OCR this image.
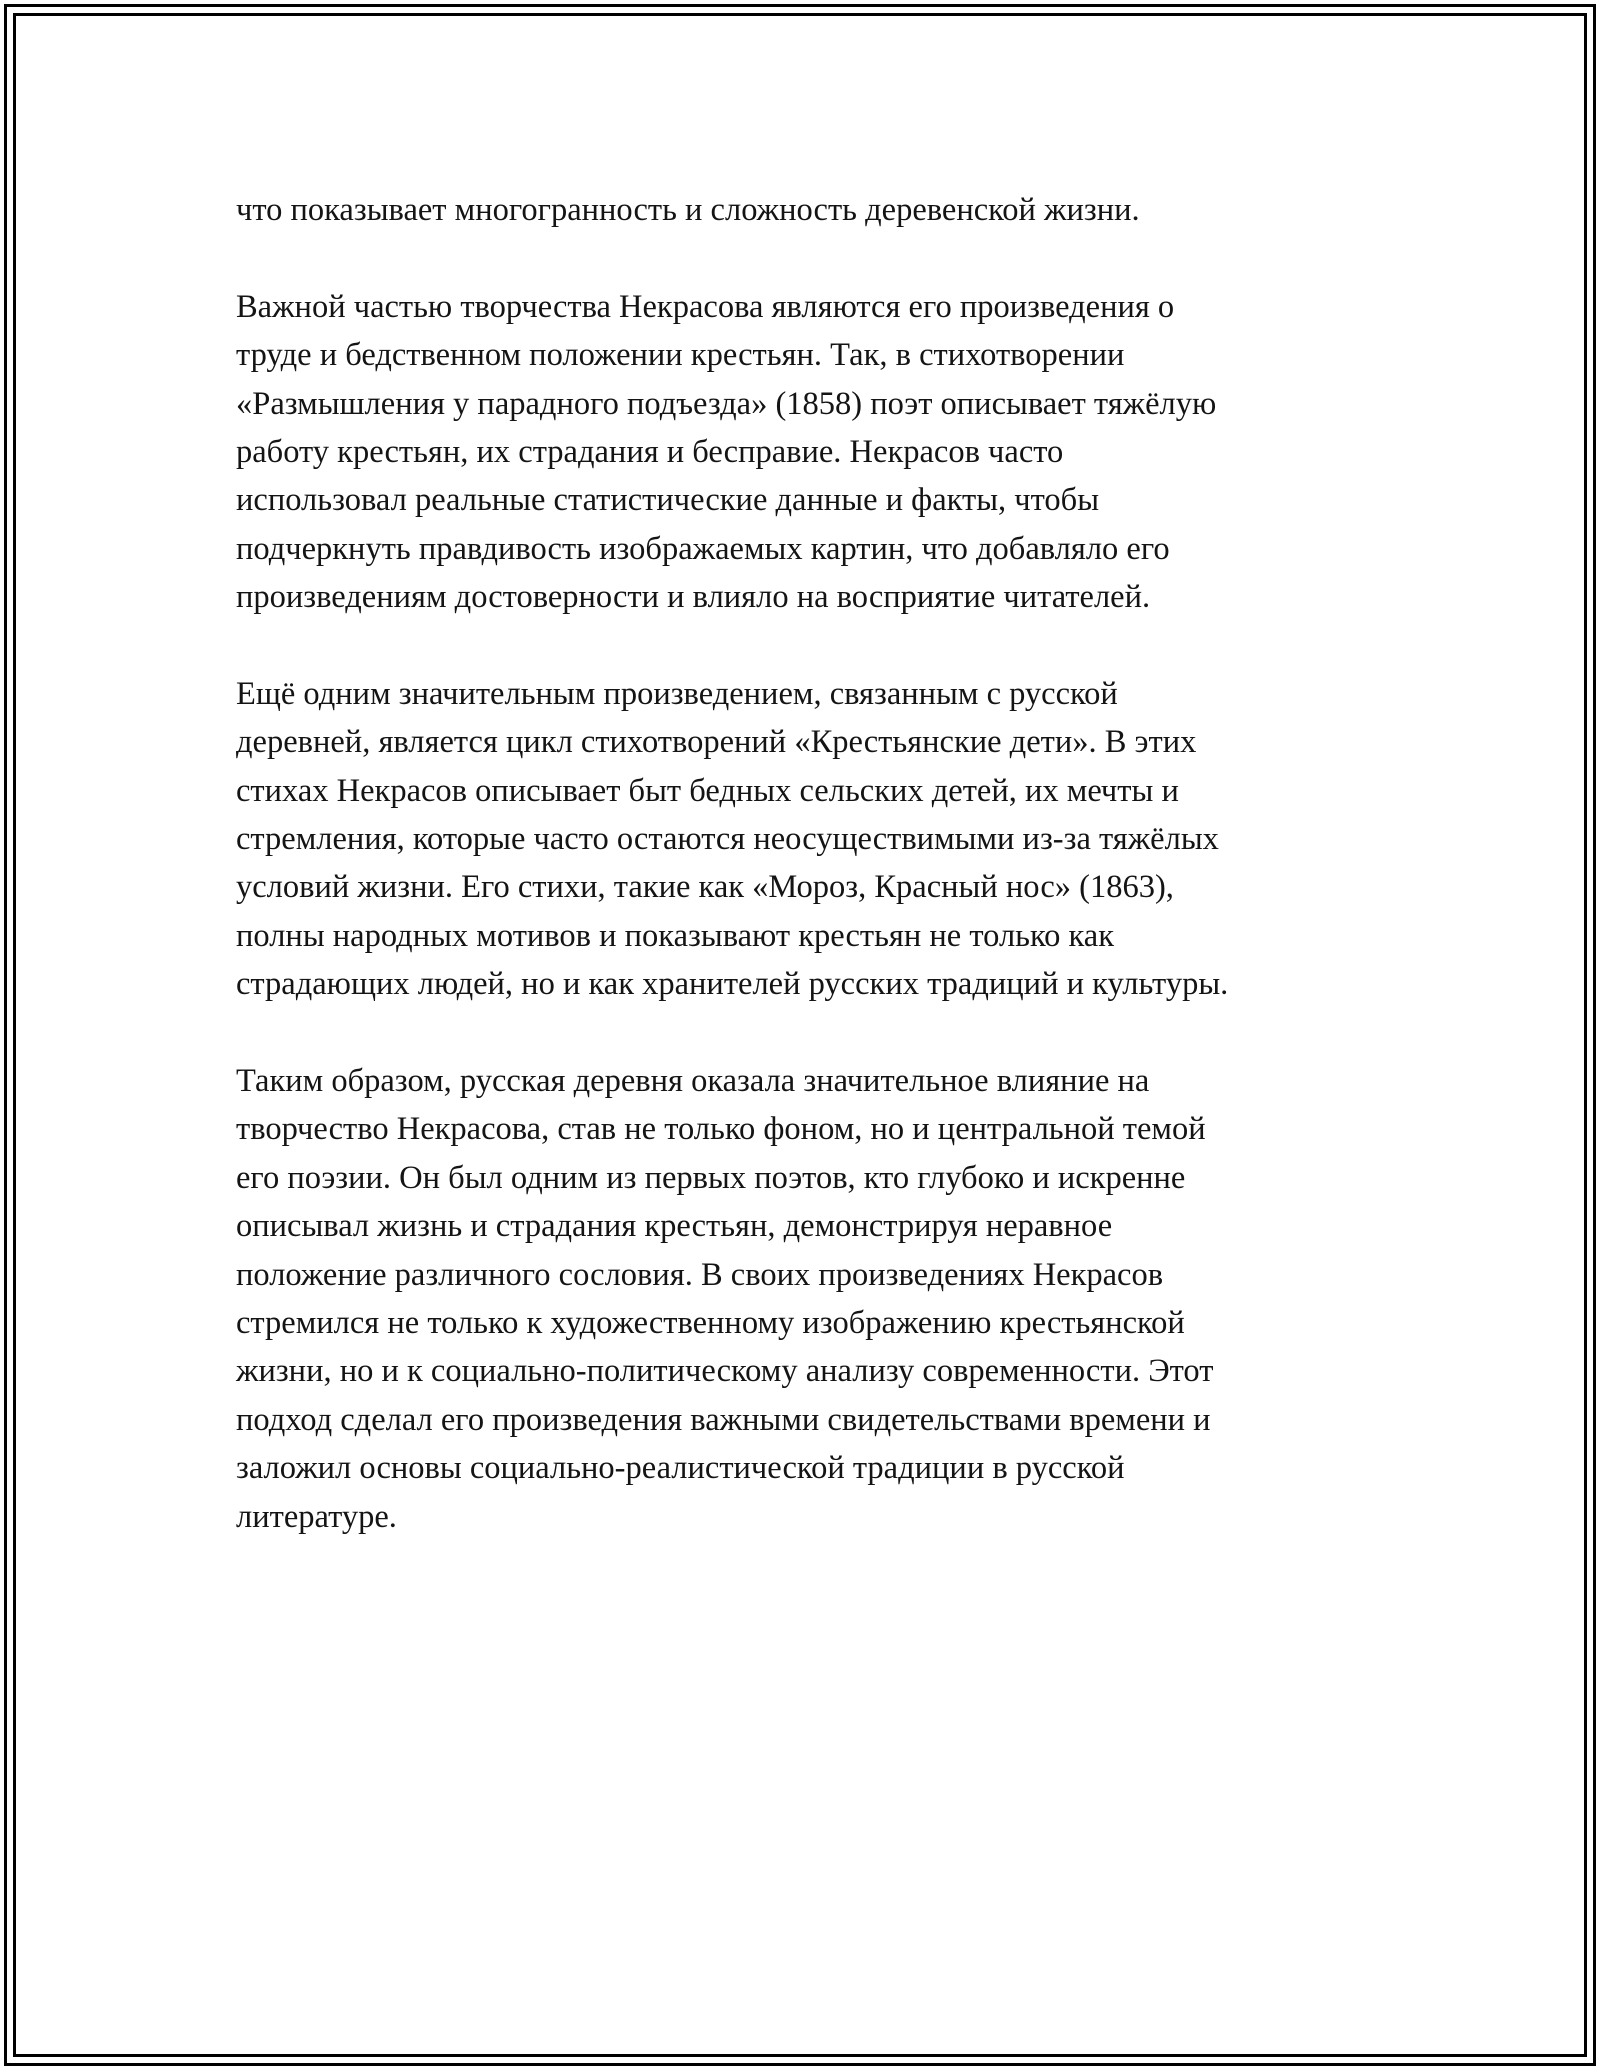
что показывает многогранность и сложность деревенской жизни.
Важной частью творчества Некрасова являются его произведения о
труде и бедственном положении крестьян. Так, в стихотворении
«Размышления у парадного подъезда» (1858) поэт описывает тяжёлую
работу крестьян, их страдания и бесправие. Некрасов часто
использовал реальные статистические данные и факты, чтобы
подчеркнуть правдивость изображаемых картин, что добавляло его
произведениям достоверности и влияло на восприятие читателей.
Ещё одним значительным произведением, связанным с русской
деревней, является цикл стихотворений «Крестьянские дети». В этих
стихах Некрасов описывает быт бедных сельских детей, их мечты и
стремления, которые часто остаются неосуществимыми из-за тяжёлых
условий жизни. Его стихи, такие как «Мороз, Красный нос» (1863),
полны народных мотивов и показывают крестьян не только как
страдающих людей, но и как хранителей русских традиций и культуры.
Таким образом, русская деревня оказала значительное влияние на
творчество Некрасова, став не только фоном, но и центральной темой
его поэзии. Он был одним из первых поэтов, кто глубоко и искренне
описывал жизнь и страдания крестьян, демонстрируя неравное
положение различного сословия. В своих произведениях Некрасов
стремился не только к художественному изображению крестьянской
жизни, но и к социально-политическому анализу современности. Этот
подход сделал его произведения важными свидетельствами времени и
заложил основы социально-реалистической традиции в русской
литературе.
